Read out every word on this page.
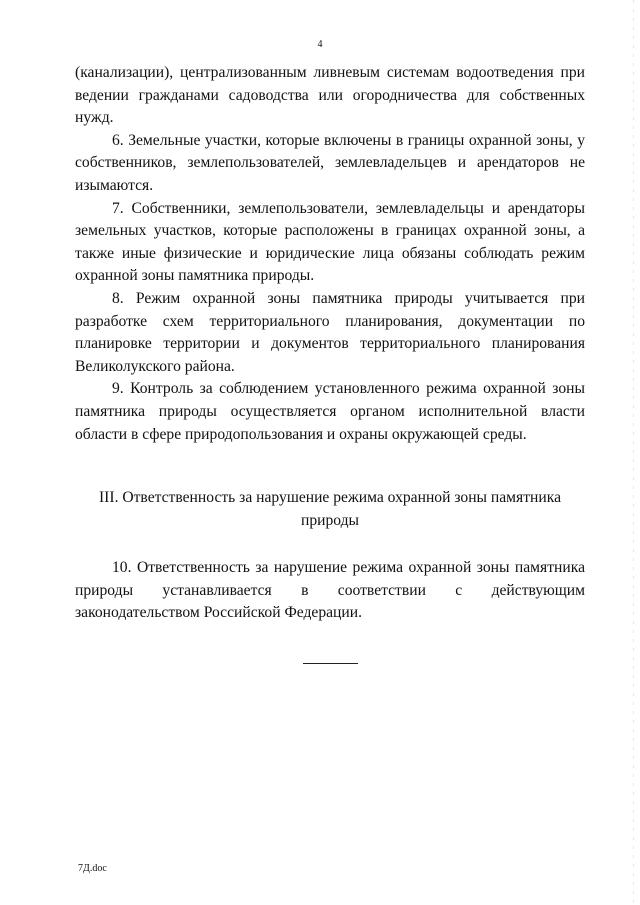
4

(канализации), централизованным ливневым системам водоотведения при ведении гражданами садоводства или огородничества для собственных нужд.

6. Земельные участки, которые включены в границы охранной зоны, у собственников, землепользователей, землевладельцев и арендаторов не изымаются.

7. Собственники, землепользователи, землевладельцы и арендаторы земельных участков, которые расположены в границах охранной зоны, а также иные физические и юридические лица обязаны соблюдать режим охранной зоны памятника природы.

8. Режим охранной зоны памятника природы учитывается при разработке схем территориального планирования, документации по планировке территории и документов территориального планирования Великолукского района.

9. Контроль за соблюдением установленного режима охранной зоны памятника природы осуществляется органом исполнительной власти области в сфере природопользования и охраны окружающей среды.

III. Ответственность за нарушение режима охранной зоны памятника природы

10. Ответственность за нарушение режима охранной зоны памятника природы устанавливается в соответствии с действующим законодательством Российской Федерации.

7Д.doc
